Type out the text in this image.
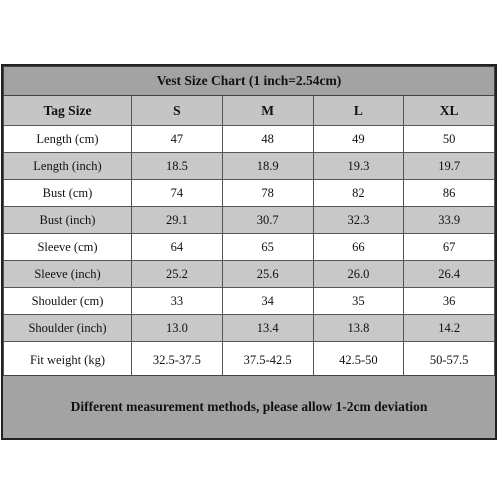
Vest Size Chart (1 inch=2.54cm)				
Tag Size	S	M	L	XL
Length (cm)	47	48	49	50
Length (inch)	18.5	18.9	19.3	19.7
Bust (cm)	74	78	82	86
Bust (inch)	29.1	30.7	32.3	33.9
Sleeve (cm)	64	65	66	67
Sleeve (inch)	25.2	25.6	26.0	26.4
Shoulder (cm)	33	34	35	36
Shoulder (inch)	13.0	13.4	13.8	14.2
Fit weight (kg)	32.5-37.5	37.5-42.5	42.5-50	50-57.5
Different measurement methods, please allow 1-2cm deviation
